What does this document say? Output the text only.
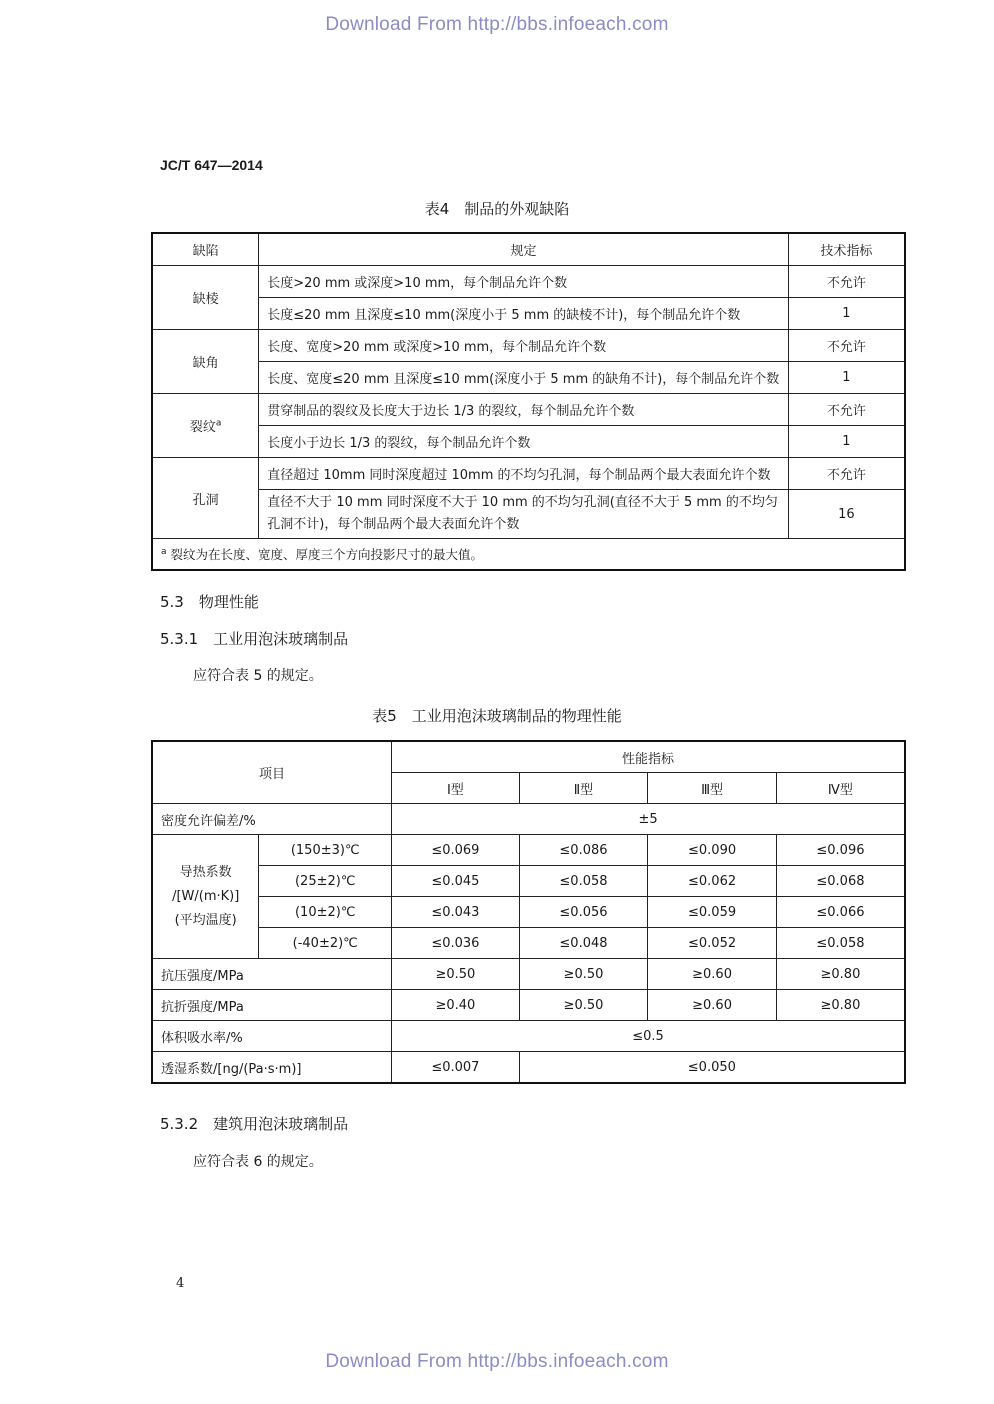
Download From http://bbs.infoeach.com
JC/T 647—2014
表4　制品的外观缺陷
缺陷	规定	技术指标
缺棱	长度>20 mm 或深度>10 mm，每个制品允许个数	不允许
	长度≤20 mm 且深度≤10 mm(深度小于 5 mm 的缺棱不计)，每个制品允许个数	1
缺角	长度、宽度>20 mm 或深度>10 mm，每个制品允许个数	不允许
	长度、宽度≤20 mm 且深度≤10 mm(深度小于 5 mm 的缺角不计)，每个制品允许个数	1
裂纹$^a$	贯穿制品的裂纹及长度大于边长 1/3 的裂纹，每个制品允许个数	不允许
	长度小于边长 1/3 的裂纹，每个制品允许个数	1
孔洞	直径超过 10mm 同时深度超过 10mm 的不均匀孔洞，每个制品两个最大表面允许个数	不允许
	直径不大于 10 mm 同时深度不大于 10 mm 的不均匀孔洞(直径不大于 5 mm 的不均匀孔洞不计)，每个制品两个最大表面允许个数	16
$^a$ 裂纹为在长度、宽度、厚度三个方向投影尺寸的最大值。		
5.3　物理性能
5.3.1　工业用泡沫玻璃制品
应符合表 5 的规定。
表5　工业用泡沫玻璃制品的物理性能
项目		性能指标			
		Ⅰ型	Ⅱ型	Ⅲ型	Ⅳ型
密度允许偏差/%		±5			

导热系数
/[W/(m·K)]
(平均温度)	(150±3)℃	≤0.069	≤0.086	≤0.090	≤0.096
	(25±2)℃	≤0.045	≤0.058	≤0.062	≤0.068
	(10±2)℃	≤0.043	≤0.056	≤0.059	≤0.066
	(-40±2)℃	≤0.036	≤0.048	≤0.052	≤0.058
抗压强度/MPa		≥0.50	≥0.50	≥0.60	≥0.80
抗折强度/MPa		≥0.40	≥0.50	≥0.60	≥0.80
体积吸水率/%		≤0.5			
透湿系数/[ng/(Pa·s·m)]		≤0.007	≤0.050		
5.3.2　建筑用泡沫玻璃制品
应符合表 6 的规定。
4
Download From http://bbs.infoeach.com
